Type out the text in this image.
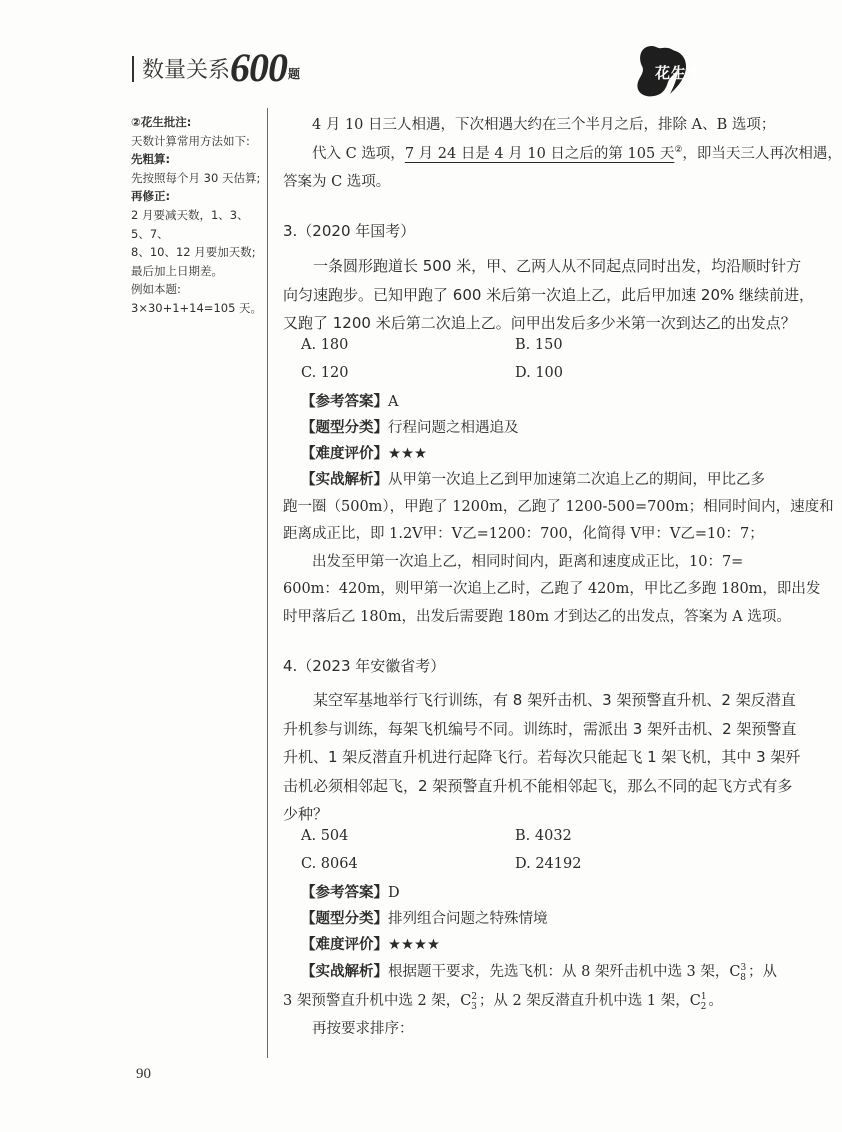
数量关系 600 题	花生十三

②花生批注:

天数计算常用方法如下:

先粗算:

先按照每个月 30 天估算;

再修正:

2 月要减天数，1、3、5、7、

8、10、12 月要加天数;

最后加上日期差。

例如本题:

3×30+1+14=105 天。

4 月 10 日三人相遇，下次相遇大约在三个半月之后，排除 A、B 选项；
代入 C 选项，7 月 24 日是 4 月 10 日之后的第 105 天②，即当天三人再次相遇，
答案为 C 选项。
3.（2020 年国考）
一条圆形跑道长 500 米，甲、乙两人从不同起点同时出发，均沿顺时针方
向匀速跑步。已知甲跑了 600 米后第一次追上乙，此后甲加速 20% 继续前进，
又跑了 1200 米后第二次追上乙。问甲出发后多少米第一次到达乙的出发点？
A. 180	B. 150
C. 120	D. 100
【参考答案】A
【题型分类】行程问题之相遇追及
【难度评价】★★★
【实战解析】从甲第一次追上乙到甲加速第二次追上乙的期间，甲比乙多
跑一圈（500m），甲跑了 1200m，乙跑了 1200-500=700m；相同时间内，速度和
距离成正比，即 1.2V甲：V乙=1200：700，化简得 V甲：V乙=10：7；
出发至甲第一次追上乙，相同时间内，距离和速度成正比，10：7=
600m：420m，则甲第一次追上乙时，乙跑了 420m，甲比乙多跑 180m，即出发
时甲落后乙 180m，出发后需要跑 180m 才到达乙的出发点，答案为 A 选项。
4.（2023 年安徽省考）
某空军基地举行飞行训练，有 8 架歼击机、3 架预警直升机、2 架反潜直
升机参与训练，每架飞机编号不同。训练时，需派出 3 架歼击机、2 架预警直
升机、1 架反潜直升机进行起降飞行。若每次只能起飞 1 架飞机，其中 3 架歼
击机必须相邻起飞，2 架预警直升机不能相邻起飞，那么不同的起飞方式有多
少种？
A. 504	B. 4032
C. 8064	D. 24192
【参考答案】D
【题型分类】排列组合问题之特殊情境
【难度评价】★★★★
【实战解析】根据题干要求，先选飞机：从 8 架歼击机中选 3 架，$C^3_8$ ；从
3 架预警直升机中选 2 架，$C^2_3$ ；从 2 架反潜直升机中选 1 架，$C^1_2$ 。
再按要求排序：
90
